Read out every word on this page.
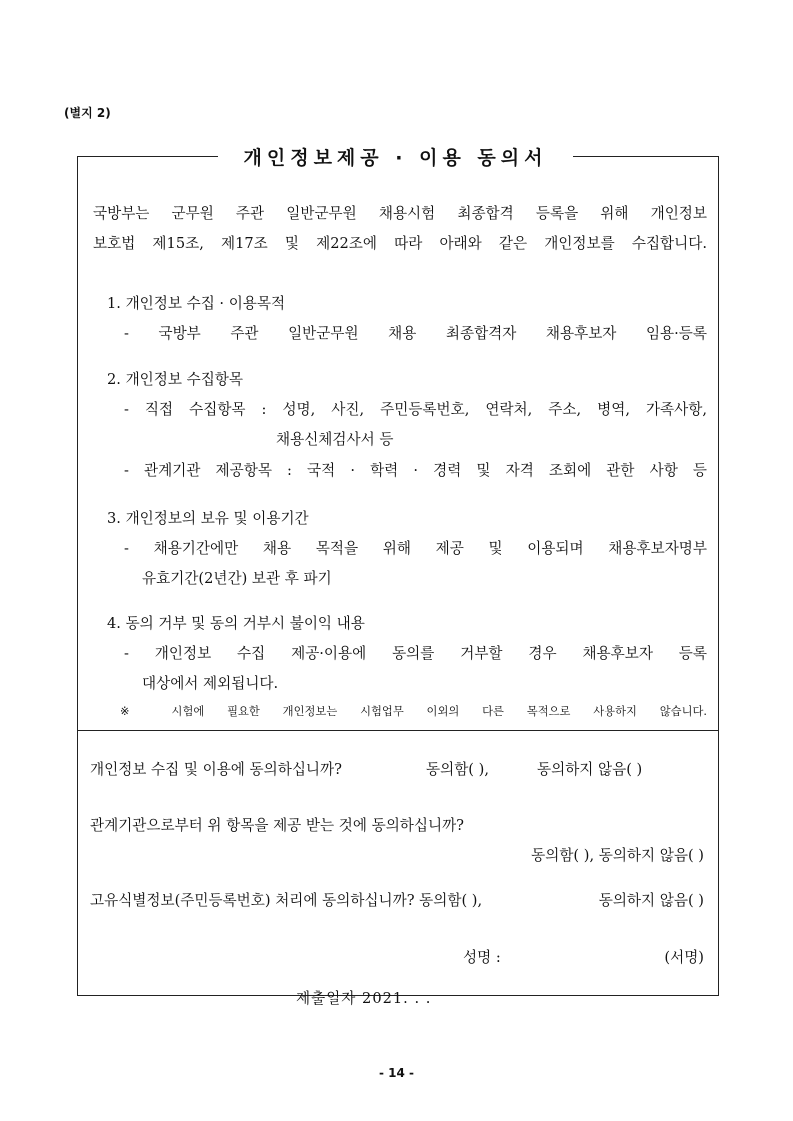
(별지 2)
개인정보제공 · 이용 동의서
국방부는 군무원 주관 일반군무원 채용시험 최종합격 등록을 위해 개인정보
보호법 제15조, 제17조 및 제22조에 따라 아래와 같은 개인정보를 수집합니다.
1. 개인정보 수집 · 이용목적
- 국방부 주관 일반군무원 채용 최종합격자 채용후보자 임용·등록
2. 개인정보 수집항목
- 직접 수집항목 : 성명, 사진, 주민등록번호, 연락처, 주소, 병역, 가족사항,
채용신체검사서 등
- 관계기관 제공항목 : 국적 · 학력 · 경력 및 자격 조회에 관한 사항 등
3. 개인정보의 보유 및 이용기간
- 채용기간에만 채용 목적을 위해 제공 및 이용되며 채용후보자명부
유효기간(2년간) 보관 후 파기
4. 동의 거부 및 동의 거부시 불이익 내용
- 개인정보 수집 제공·이용에 동의를 거부할 경우 채용후보자 등록
대상에서 제외됩니다.
※ 시험에 필요한 개인정보는 시험업무 이외의 다른 목적으로 사용하지 않습니다.
개인정보 수집 및 이용에 동의하십니까?	동의함( ),	동의하지 않음( )
관계기관으로부터 위 항목을 제공 받는 것에 동의하십니까?
동의함( ), 동의하지 않음( )
고유식별정보(주민등록번호) 처리에 동의하십니까? 동의함( ),	동의하지 않음( )
성명 :	(서명)
제출일자 2021. . .
- 14 -
